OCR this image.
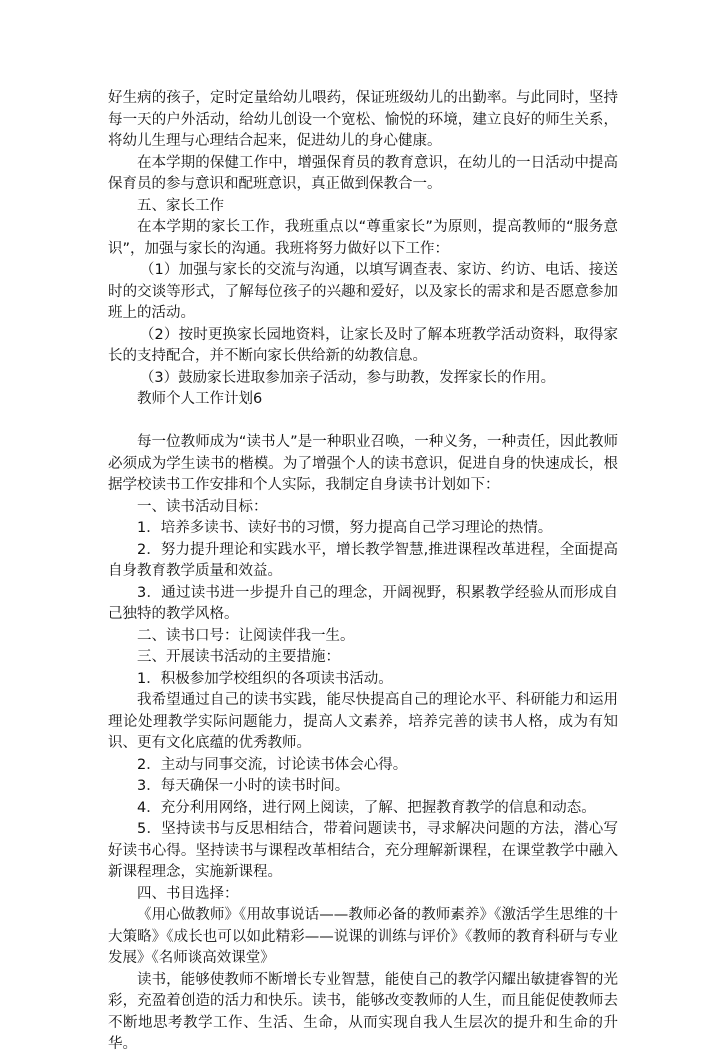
好生病的孩子，定时定量给幼儿喂药，保证班级幼儿的出勤率。与此同时，坚持每一天的户外活动，给幼儿创设一个宽松、愉悦的环境，建立良好的师生关系，将幼儿生理与心理结合起来，促进幼儿的身心健康。

在本学期的保健工作中，增强保育员的教育意识，在幼儿的一日活动中提高保育员的参与意识和配班意识，真正做到保教合一。

五、家长工作

在本学期的家长工作，我班重点以“尊重家长”为原则，提高教师的“服务意识”，加强与家长的沟通。我班将努力做好以下工作：

（1）加强与家长的交流与沟通，以填写调查表、家访、约访、电话、接送时的交谈等形式，了解每位孩子的兴趣和爱好，以及家长的需求和是否愿意参加班上的活动。

（2）按时更换家长园地资料，让家长及时了解本班教学活动资料，取得家长的支持配合，并不断向家长供给新的幼教信息。

（3）鼓励家长进取参加亲子活动，参与助教，发挥家长的作用。

教师个人工作计划6

每一位教师成为“读书人”是一种职业召唤，一种义务，一种责任，因此教师必须成为学生读书的楷模。为了增强个人的读书意识，促进自身的快速成长，根据学校读书工作安排和个人实际，我制定自身读书计划如下：

一、读书活动目标：

1．培养多读书、读好书的习惯，努力提高自己学习理论的热情。

2．努力提升理论和实践水平，增长教学智慧,推进课程改革进程，全面提高自身教育教学质量和效益。

3．通过读书进一步提升自己的理念，开阔视野，积累教学经验从而形成自己独特的教学风格。

二、读书口号：让阅读伴我一生。

三、开展读书活动的主要措施：

1．积极参加学校组织的各项读书活动。

我希望通过自己的读书实践，能尽快提高自己的理论水平、科研能力和运用理论处理教学实际问题能力，提高人文素养，培养完善的读书人格，成为有知识、更有文化底蕴的优秀教师。

2．主动与同事交流，讨论读书体会心得。

3．每天确保一小时的读书时间。

4．充分利用网络，进行网上阅读，了解、把握教育教学的信息和动态。

5．坚持读书与反思相结合，带着问题读书，寻求解决问题的方法，潜心写好读书心得。坚持读书与课程改革相结合，充分理解新课程，在课堂教学中融入新课程理念，实施新课程。

四、书目选择：

《用心做教师》《用故事说话——教师必备的教师素养》《激活学生思维的十大策略》《成长也可以如此精彩——说课的训练与评价》《教师的教育科研与专业发展》《名师谈高效课堂》

读书，能够使教师不断增长专业智慧，能使自己的教学闪耀出敏捷睿智的光彩，充盈着创造的活力和快乐。读书，能够改变教师的人生，而且能促使教师去不断地思考教学工作、生活、生命，从而实现自我人生层次的提升和生命的升华。
